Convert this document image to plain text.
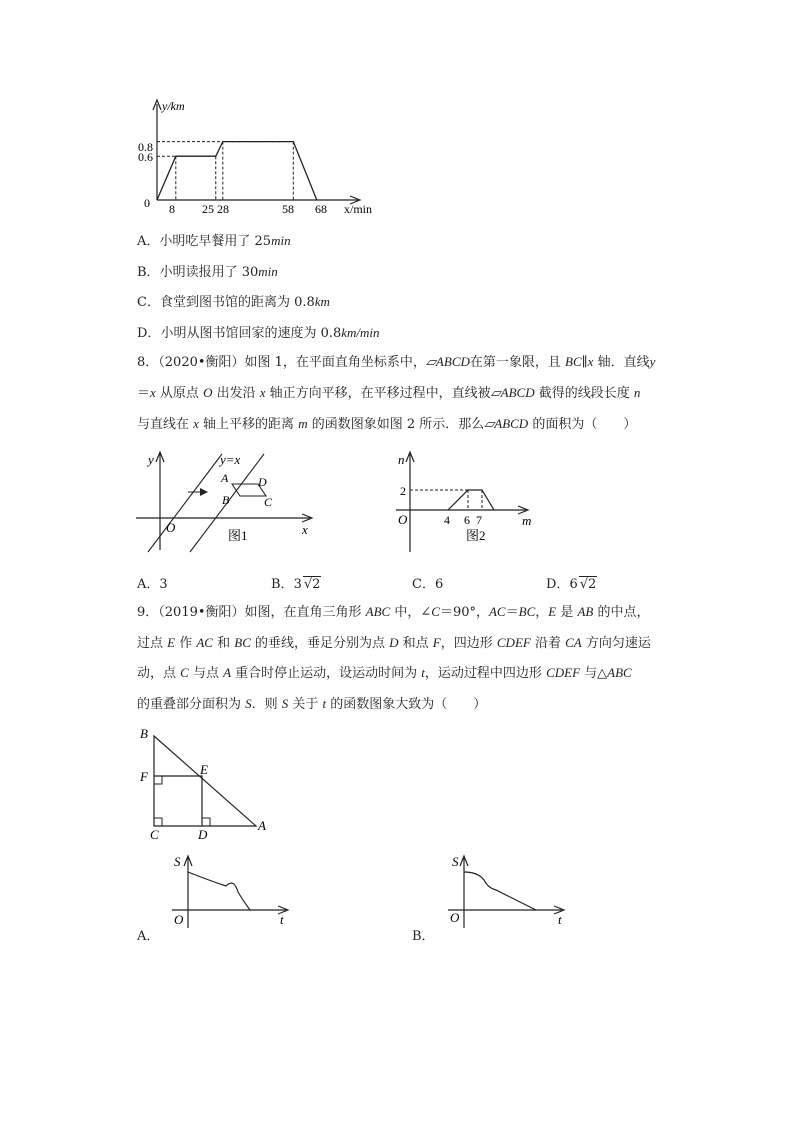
y/km
x/min
0
0.8
0.6
8 25 28	58 68
A．小明吃早餐用了 25min
B．小明读报用了 30min
C．食堂到图书馆的距离为 0.8km
D．小明从图书馆回家的速度为 0.8km/min
8．（2020•衡阳）如图 1，在平面直角坐标系中，▱ABCD在第一象限，且 BC∥x 轴．直线y
＝x 从原点 O 出发沿 x 轴正方向平移，在平移过程中，直线被▱ABCD 截得的线段长度 n
与直线在 x 轴上平移的距离 m 的函数图象如图 2 所示．那么▱ABCD 的面积为（　　）
y
x
O
y=x
A
B	C
D
图1
n
m
O
2
4 6 7
图2
A．3	B．3 √2	C．6	D．6 √2
9．（2019•衡阳）如图，在直角三角形 ABC 中，∠C＝90°，AC＝BC，E 是 AB 的中点，
过点 E 作 AC 和 BC 的垂线，垂足分别为点 D 和点 F，四边形 CDEF 沿着 CA 方向匀速运
动，点 C 与点 A 重合时停止运动，设运动时间为 t，运动过程中四边形 CDEF 与△ABC
的重叠部分面积为 S．则 S 关于 t 的函数图象大致为（　　）
B
E
F
C	D
A
S
t
O
A．
S
t
O
B．
